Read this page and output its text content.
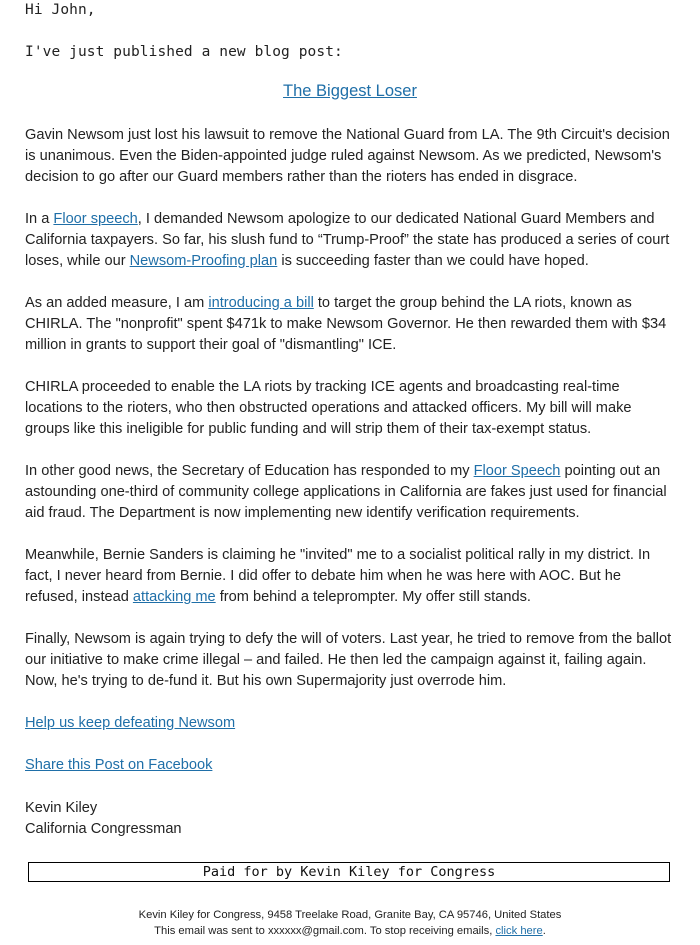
Hi John,
I've just published a new blog post:
The Biggest Loser

Gavin Newsom just lost his lawsuit to remove the National Guard from LA. The 9th Circuit's decision is unanimous. Even the Biden-appointed judge ruled against Newsom. As we predicted, Newsom's decision to go after our Guard members rather than the rioters has ended in disgrace.

In a Floor speech, I demanded Newsom apologize to our dedicated National Guard Members and California taxpayers. So far, his slush fund to “Trump-Proof” the state has produced a series of court loses, while our Newsom-Proofing plan is succeeding faster than we could have hoped.

As an added measure, I am introducing a bill to target the group behind the LA riots, known as CHIRLA. The "nonprofit" spent $471k to make Newsom Governor. He then rewarded them with $34 million in grants to support their goal of "dismantling" ICE.

CHIRLA proceeded to enable the LA riots by tracking ICE agents and broadcasting real-time locations to the rioters, who then obstructed operations and attacked officers. My bill will make groups like this ineligible for public funding and will strip them of their tax-exempt status.

In other good news, the Secretary of Education has responded to my Floor Speech pointing out an astounding one-third of community college applications in California are fakes just used for financial aid fraud. The Department is now implementing new identify verification requirements.

Meanwhile, Bernie Sanders is claiming he "invited" me to a socialist political rally in my district. In fact, I never heard from Bernie. I did offer to debate him when he was here with AOC. But he refused, instead attacking me from behind a teleprompter. My offer still stands.

Finally, Newsom is again trying to defy the will of voters. Last year, he tried to remove from the ballot our initiative to make crime illegal – and failed. He then led the campaign against it, failing again. Now, he's trying to de-fund it. But his own Supermajority just overrode him.

Help us keep defeating Newsom

Share this Post on Facebook

Kevin Kiley
California Congressman
Paid for by Kevin Kiley for Congress
Kevin Kiley for Congress, 9458 Treelake Road, Granite Bay, CA 95746, United States
This email was sent to xxxxxx@gmail.com. To stop receiving emails, click here.
